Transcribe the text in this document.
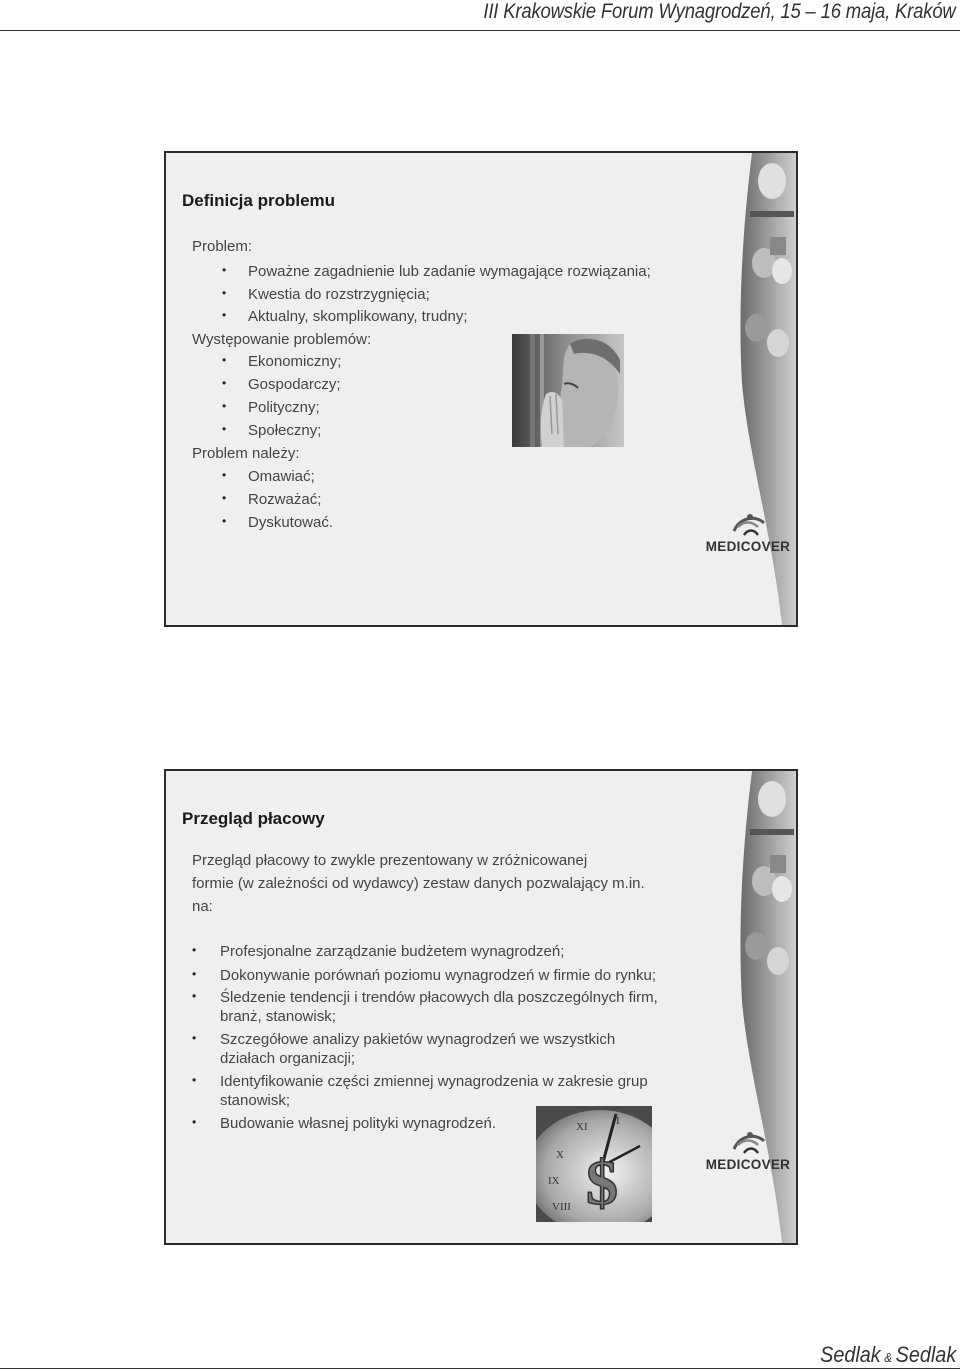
III Krakowskie Forum Wynagrodzeń, 15 – 16 maja, Kraków
Definicja problemu
Problem:
• Poważne zagadnienie lub zadanie wymagające rozwiązania;
• Kwestia do rozstrzygnięcia;
• Aktualny, skomplikowany, trudny;
Występowanie problemów:
• Ekonomiczny;
• Gospodarczy;
• Polityczny;
• Społeczny;
Problem należy:
• Omawiać;
• Rozważać;
• Dyskutować.
MEDICOVER
Przegląd płacowy
Przegląd płacowy to zwykle prezentowany w zróżnicowanej
formie (w zależności od wydawcy) zestaw danych pozwalający m.in.
na:
• Profesjonalne zarządzanie budżetem wynagrodzeń;
• Dokonywanie porównań poziomu wynagrodzeń w firmie do rynku;
• Śledzenie tendencji i trendów płacowych dla poszczególnych firm,
branż, stanowisk;
• Szczegółowe analizy pakietów wynagrodzeń we wszystkich
działach organizacji;
• Identyfikowanie części zmiennej wynagrodzenia w zakresie grup
stanowisk;
• Budowanie własnej polityki wynagrodzeń.
X
IX
XI	I
VIII $	MEDICOVER
Sedlak & Sedlak
